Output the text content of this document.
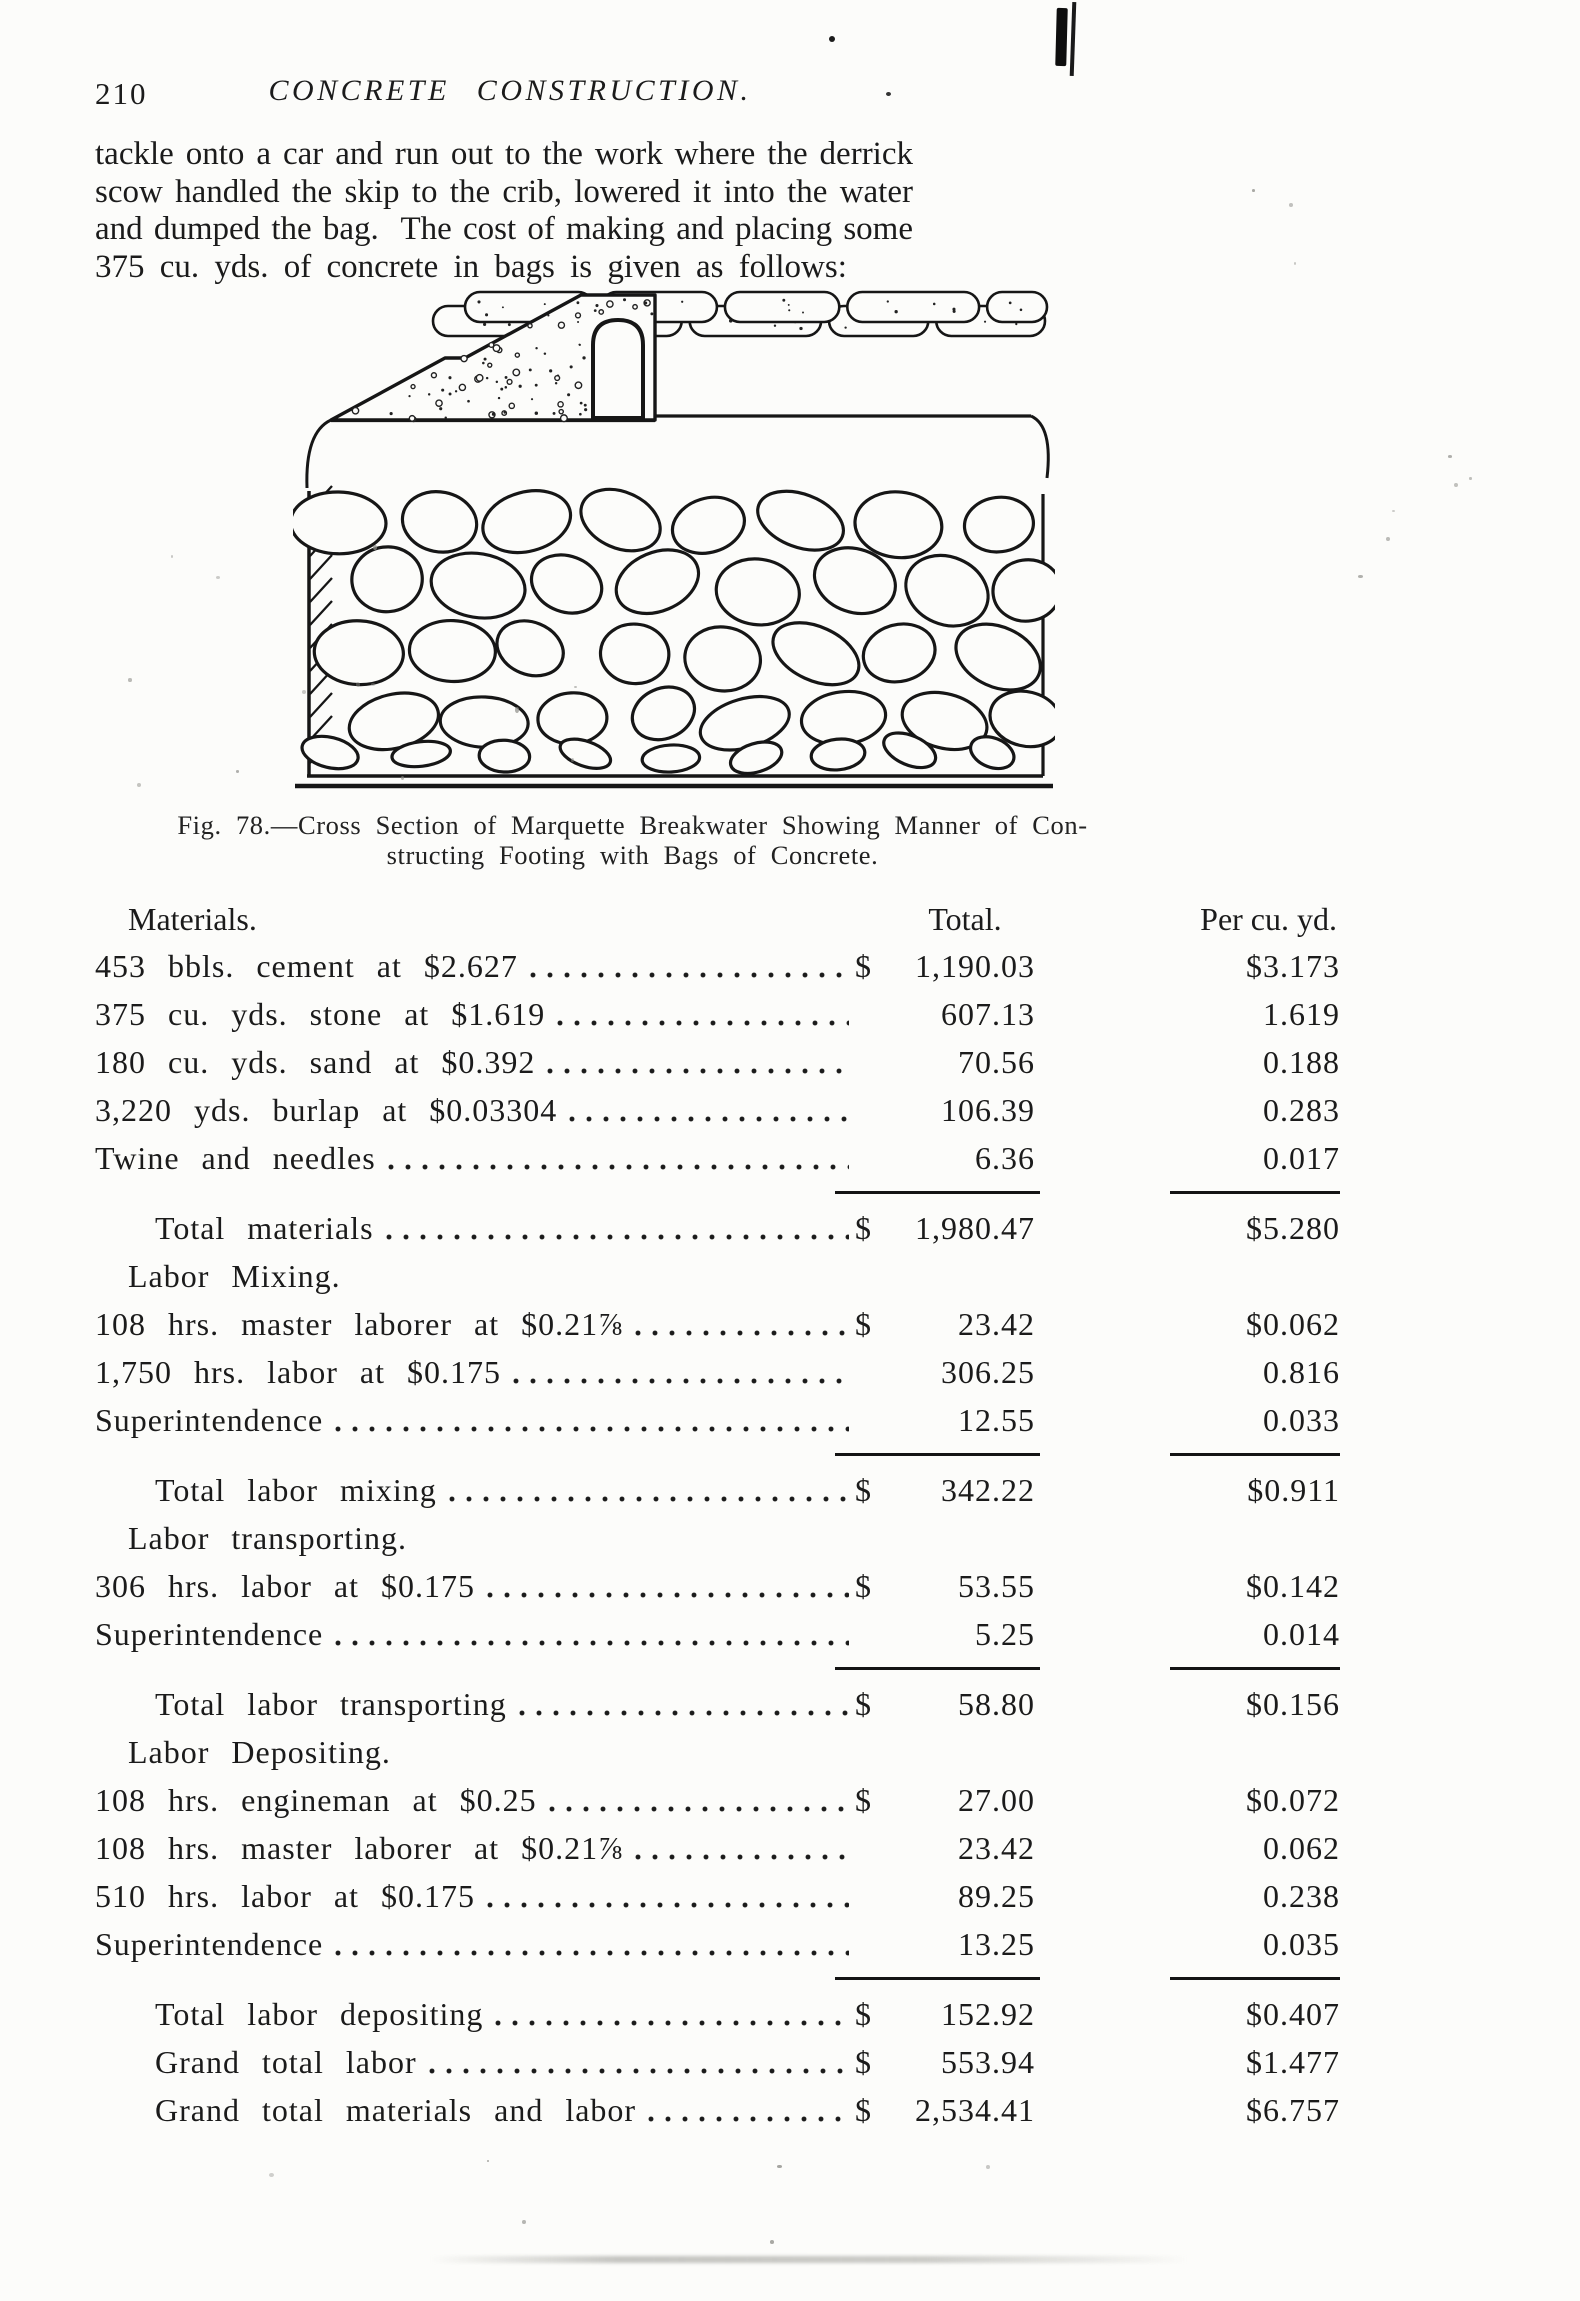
210	CONCRETE CONSTRUCTION.
tackle onto a car and run out to the work where the derrick
scow handled the skip to the crib, lowered it into the water
and dumped the bag.  The cost of making and placing some
375 cu. yds. of concrete in bags is given as follows:
Fig. 78.—Cross Section of Marquette Breakwater Showing Manner of Con-
structing Footing with Bags of Concrete.
Materials.	Total.	Per cu. yd.
453 bbls. cement at $2.627	$	1,190.03	$3.173
375 cu. yds. stone at $1.619	607.13	1.619
180 cu. yds. sand at $0.392	70.56	0.188
3,220 yds. burlap at $0.03304	106.39	0.283
Twine and needles	6.36	0.017
Total materials	$	1,980.47	$5.280
Labor Mixing.
108 hrs. master laborer at $0.21⅞	$	23.42	$0.062
1,750 hrs. labor at $0.175	306.25	0.816
Superintendence	12.55	0.033
Total labor mixing	$	342.22	$0.911
Labor transporting.
306 hrs. labor at $0.175	$	53.55	$0.142
Superintendence	5.25	0.014
Total labor transporting	$	58.80	$0.156
Labor Depositing.
108 hrs. engineman at $0.25	$	27.00	$0.072
108 hrs. master laborer at $0.21⅞	23.42	0.062
510 hrs. labor at $0.175	89.25	0.238
Superintendence	13.25	0.035
Total labor depositing	$	152.92	$0.407
Grand total labor	$	553.94	$1.477
Grand total materials and labor	$	2,534.41	$6.757
